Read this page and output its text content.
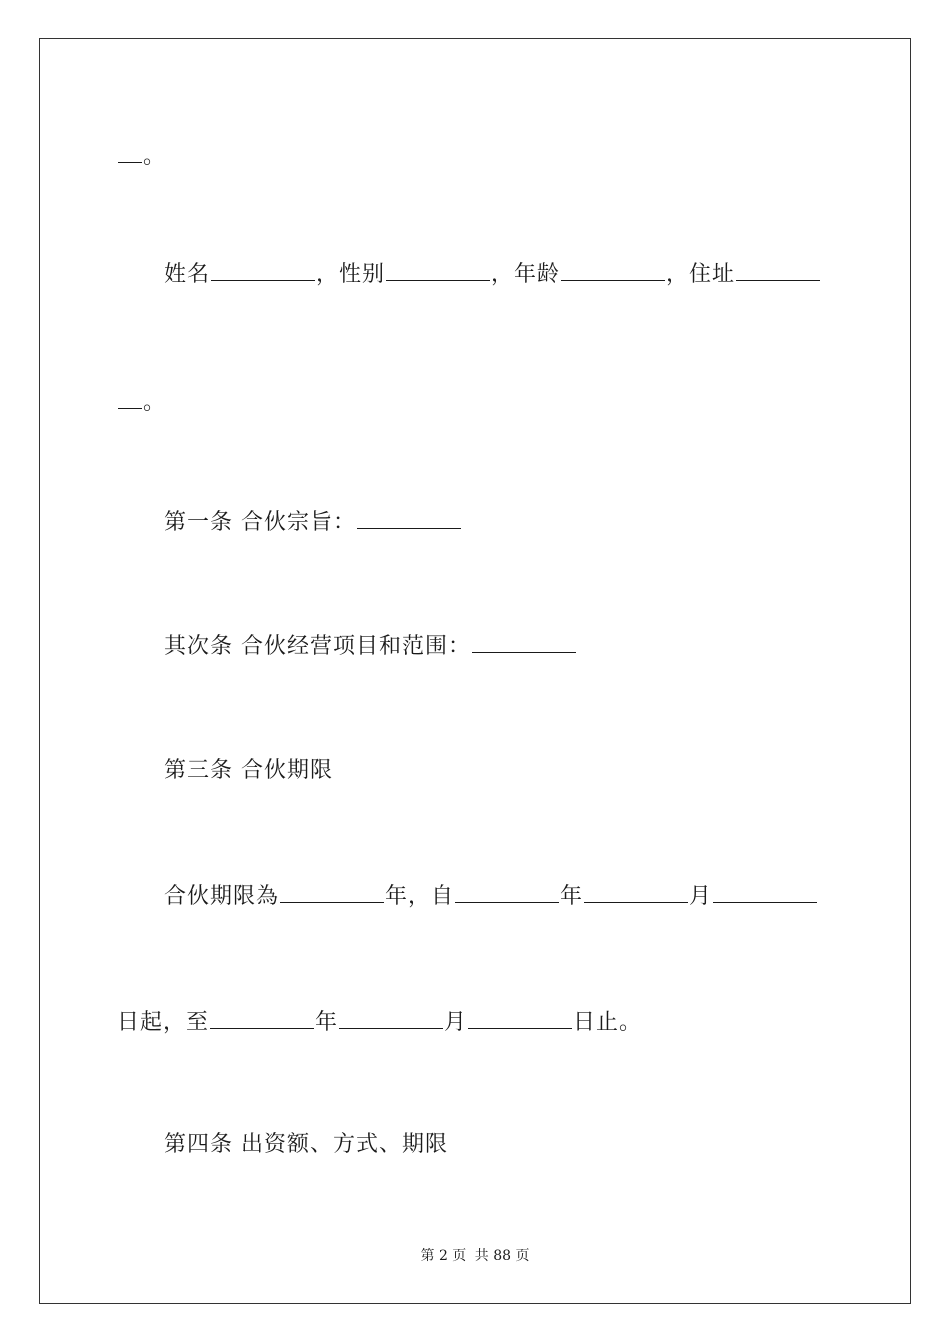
。
姓名	，性别	，年龄	，住址
。
第一条 合伙宗旨：
其次条 合伙经营项目和范围：
第三条 合伙期限
合伙期限為	年，自	年	月
日起，至	年	月	日止。
第四条 出资额、方式、期限
第 2 页 共 88 页
